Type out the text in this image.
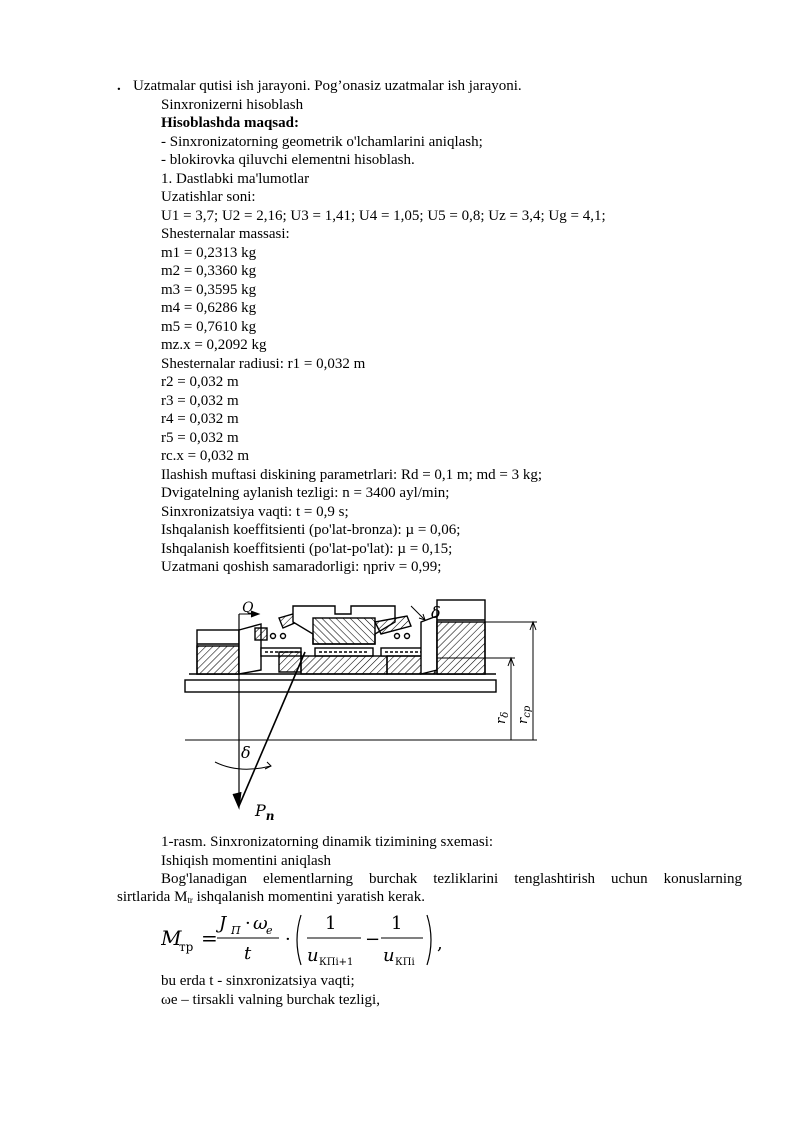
. Uzatmalar qutisi ish jarayoni. Pog’onasiz uzatmalar ish jarayoni.
Sinxronizerni hisoblash
Hisoblashda maqsad:
- Sinxronizatorning geometrik o'lchamlarini aniqlash;
- blokirovka qiluvchi elementni hisoblash.
1. Dastlabki ma'lumotlar
Uzatishlar soni:
U1 = 3,7; U2 = 2,16; U3 = 1,41; U4 = 1,05; U5 = 0,8; Uz = 3,4; Ug = 4,1;
Shesternalar massasi:
m1 = 0,2313 kg
m2 = 0,3360 kg
m3 = 0,3595 kg
m4 = 0,6286 kg
m5 = 0,7610 kg
mz.x = 0,2092 kg
Shesternalar radiusi: r1 = 0,032 m
r2 = 0,032 m
r3 = 0,032 m
r4 = 0,032 m
r5 = 0,032 m
rc.x = 0,032 m
Ilashish muftasi diskining parametrlari: Rd = 0,1 m; md = 3 kg;
Dvigatelning aylanish tezligi: n = 3400 ayl/min;
Sinxronizatsiya vaqti: t = 0,9 s;
Ishqalanish koeffitsienti (po'lat-bronza): µ = 0,06;
Ishqalanish koeffitsienti (po'lat-po'lat): µ = 0,15;
Uzatmani qoshish samaradorligi: ηpriv = 0,99;
Q	δ
δ
$P_n$
$r_\delta$
$r_{ср}$
1-rasm. Sinxronizatorning dinamik tizimining sxemasi:
Ishiqish momentini aniqlash
Bog'lanadigan elementlarning burchak tezliklarini tenglashtirish uchun konuslarning
sirtlarida $M_{tr}$ ishqalanish momentini yaratish kerak.
M
тр =
J П · ω
e
t
·
1
u КПi+1
−
1
u КПi
,
bu erda t - sinxronizatsiya vaqti;
ωe – tirsakli valning burchak tezligi,
